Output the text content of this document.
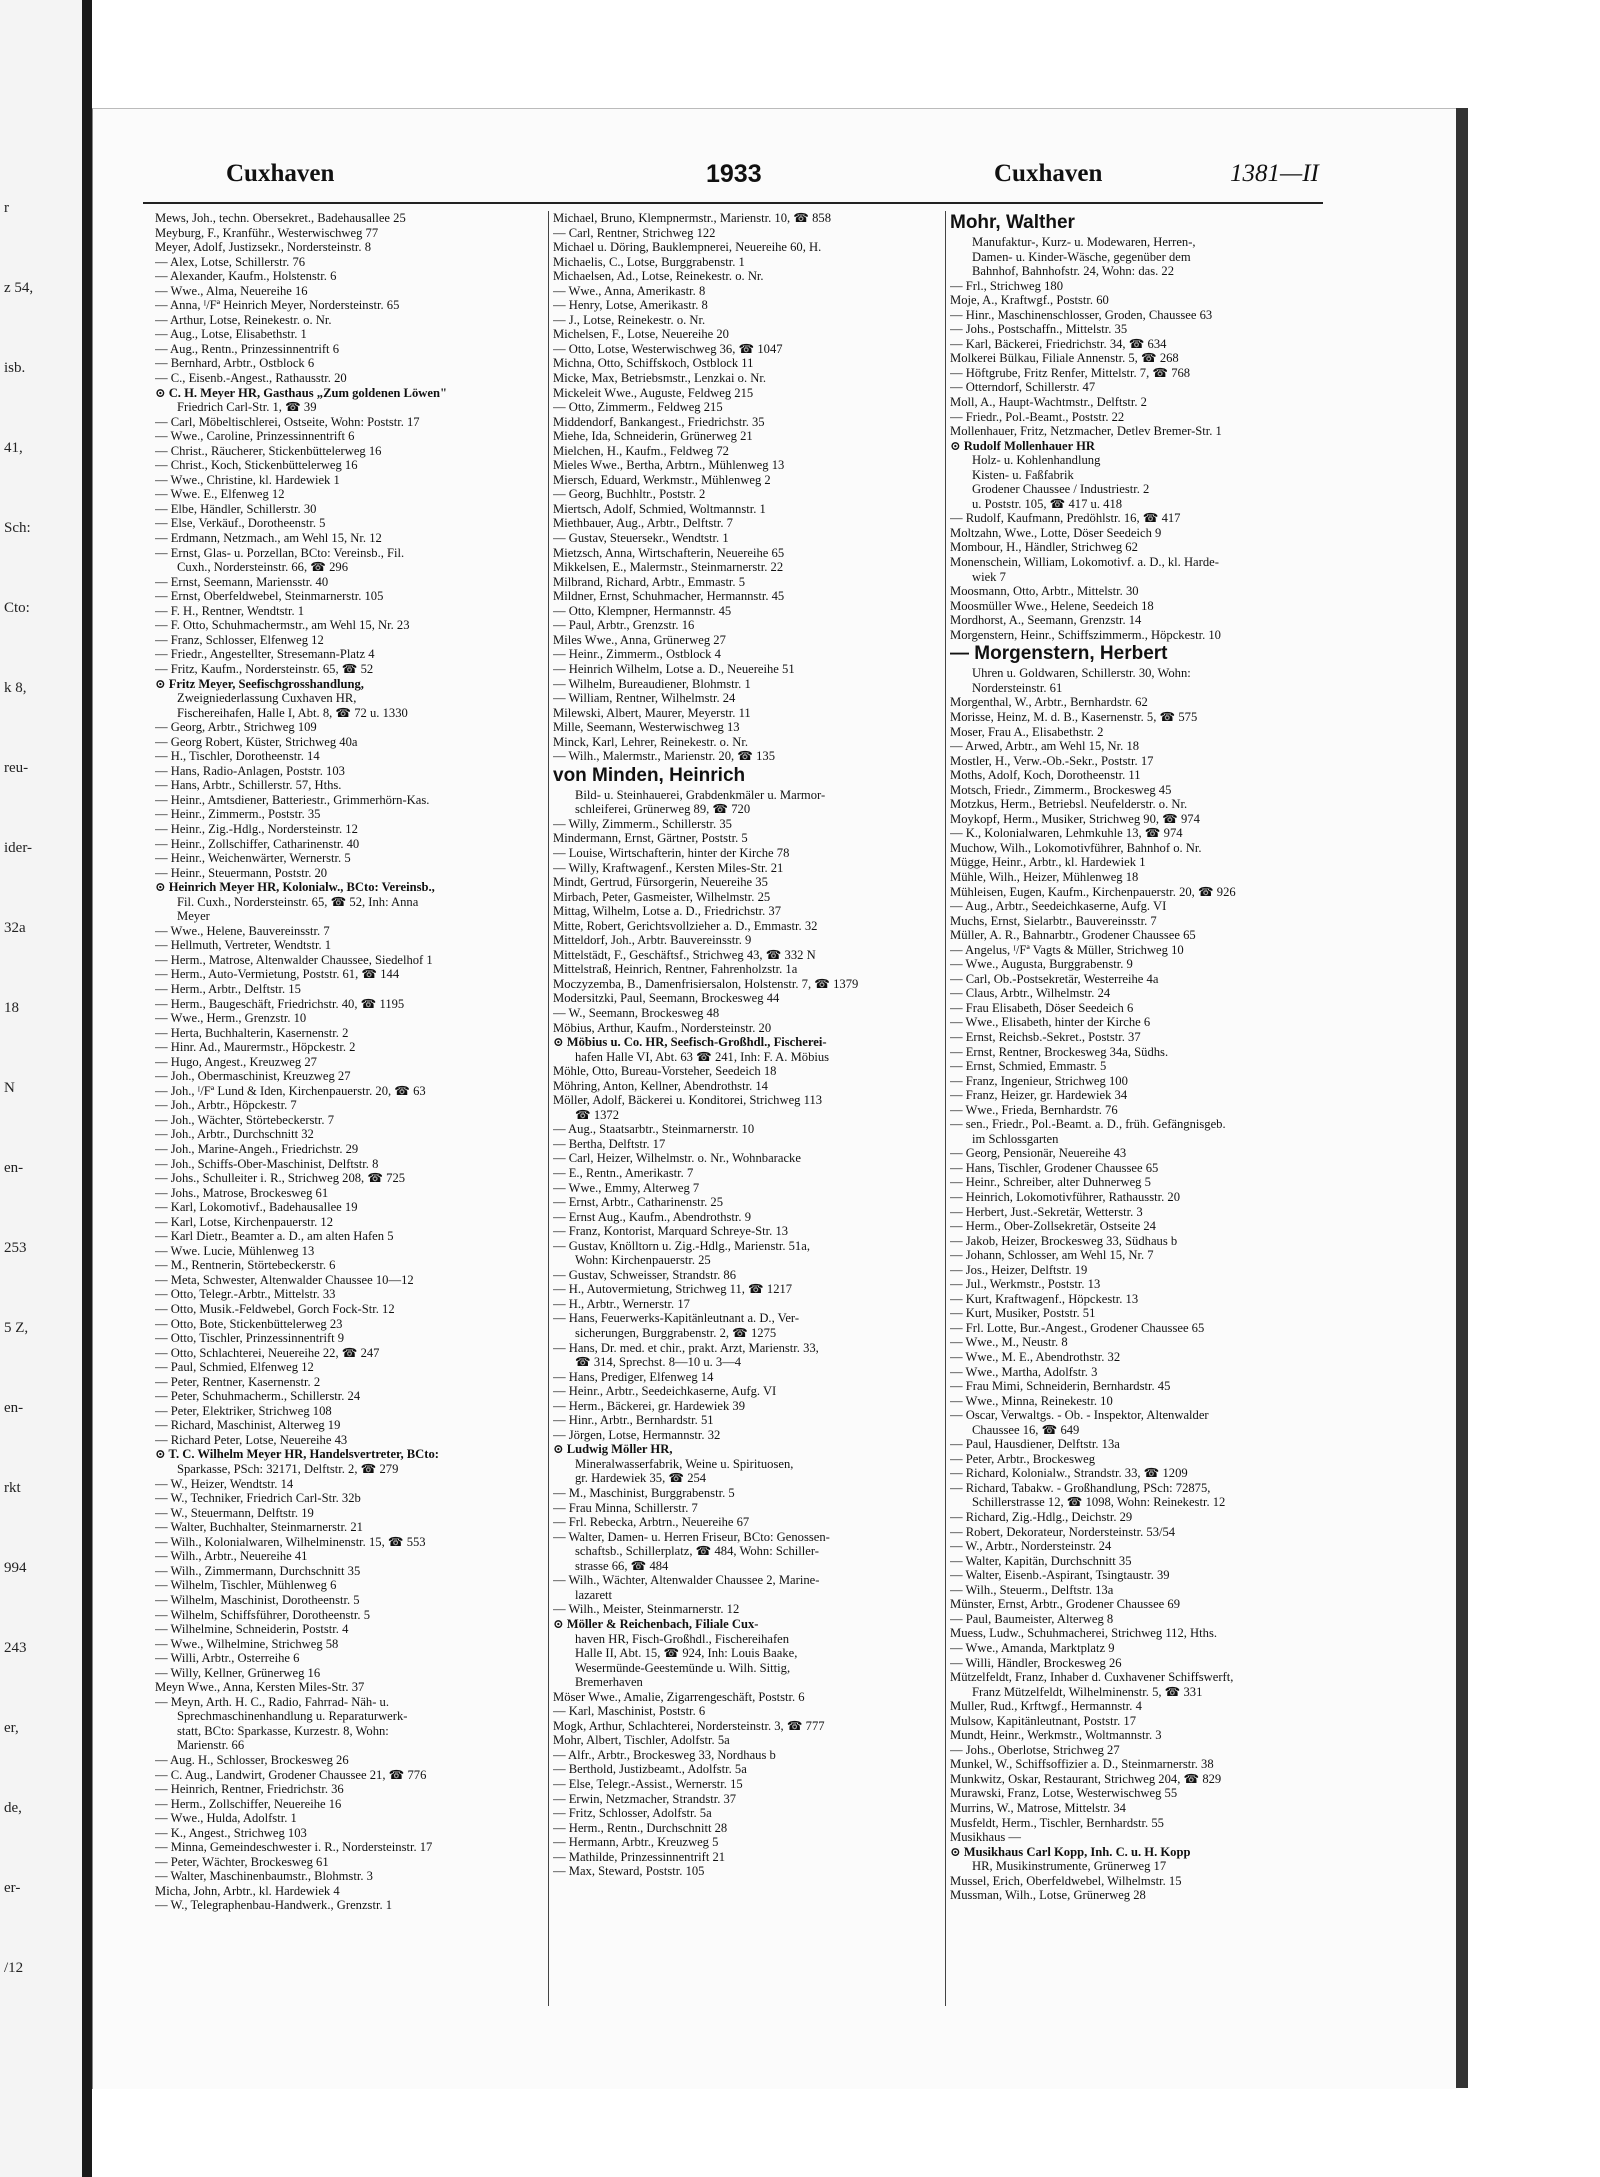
r
z 54,
isb.
41,
Sch:
Cto:
k 8,
reu-
ider-
32a
18
N
en-
253
5 Z,
en-
rkt
994
243
er,
de,
er-
/12
Cuxhaven	1933	Cuxhaven	1381—II
Mews, Joh., techn. Obersekret., Badehausallee 25
Meyburg, F., Kranführ., Westerwischweg 77
Meyer, Adolf, Justizsekr., Nordersteinstr. 8
— Alex, Lotse, Schillerstr. 76
— Alexander, Kaufm., Holstenstr. 6
— Wwe., Alma, Neuereihe 16
— Anna, ᴵ/Fª Heinrich Meyer, Nordersteinstr. 65
— Arthur, Lotse, Reinekestr. o. Nr.
— Aug., Lotse, Elisabethstr. 1
— Aug., Rentn., Prinzessinnentrift 6
— Bernhard, Arbtr., Ostblock 6
— C., Eisenb.-Angest., Rathausstr. 20
⊙ C. H. Meyer HR, Gasthaus „Zum goldenen Löwen"
Friedrich Carl-Str. 1, ☎ 39
— Carl, Möbeltischlerei, Ostseite, Wohn: Poststr. 17
— Wwe., Caroline, Prinzessinnentrift 6
— Christ., Räucherer, Stickenbüttelerweg 16
— Christ., Koch, Stickenbüttelerweg 16
— Wwe., Christine, kl. Hardewiek 1
— Wwe. E., Elfenweg 12
— Elbe, Händler, Schillerstr. 30
— Else, Verkäuf., Dorotheenstr. 5
— Erdmann, Netzmach., am Wehl 15, Nr. 12
— Ernst, Glas- u. Porzellan, BCto: Vereinsb., Fil.
Cuxh., Nordersteinstr. 66, ☎ 296
— Ernst, Seemann, Mariensstr. 40
— Ernst, Oberfeldwebel, Steinmarnerstr. 105
— F. H., Rentner, Wendtstr. 1
— F. Otto, Schuhmachermstr., am Wehl 15, Nr. 23
— Franz, Schlosser, Elfenweg 12
— Friedr., Angestellter, Stresemann-Platz 4
— Fritz, Kaufm., Nordersteinstr. 65, ☎ 52
⊙ Fritz Meyer, Seefischgrosshandlung,
Zweigniederlassung Cuxhaven HR,
Fischereihafen, Halle I, Abt. 8, ☎ 72 u. 1330
— Georg, Arbtr., Strichweg 109
— Georg Robert, Küster, Strichweg 40a
— H., Tischler, Dorotheenstr. 14
— Hans, Radio-Anlagen, Poststr. 103
— Hans, Arbtr., Schillerstr. 57, Hths.
— Heinr., Amtsdiener, Batteriestr., Grimmerhörn-Kas.
— Heinr., Zimmerm., Poststr. 35
— Heinr., Zig.-Hdlg., Nordersteinstr. 12
— Heinr., Zollschiffer, Catharinenstr. 40
— Heinr., Weichenwärter, Wernerstr. 5
— Heinr., Steuermann, Poststr. 20
⊙ Heinrich Meyer HR, Kolonialw., BCto: Vereinsb.,
Fil. Cuxh., Nordersteinstr. 65, ☎ 52, Inh: Anna
Meyer
— Wwe., Helene, Bauvereinsstr. 7
— Hellmuth, Vertreter, Wendtstr. 1
— Herm., Matrose, Altenwalder Chaussee, Siedelhof 1
— Herm., Auto-Vermietung, Poststr. 61, ☎ 144
— Herm., Arbtr., Delftstr. 15
— Herm., Baugeschäft, Friedrichstr. 40, ☎ 1195
— Wwe., Herm., Grenzstr. 10
— Herta, Buchhalterin, Kasernenstr. 2
— Hinr. Ad., Maurermstr., Höpckestr. 2
— Hugo, Angest., Kreuzweg 27
— Joh., Obermaschinist, Kreuzweg 27
— Joh., ᴵ/Fª Lund & Iden, Kirchenpauerstr. 20, ☎ 63
— Joh., Arbtr., Höpckestr. 7
— Joh., Wächter, Störtebeckerstr. 7
— Joh., Arbtr., Durchschnitt 32
— Joh., Marine-Angeh., Friedrichstr. 29
— Joh., Schiffs-Ober-Maschinist, Delftstr. 8
— Johs., Schulleiter i. R., Strichweg 208, ☎ 725
— Johs., Matrose, Brockesweg 61
— Karl, Lokomotivf., Badehausallee 19
— Karl, Lotse, Kirchenpauerstr. 12
— Karl Dietr., Beamter a. D., am alten Hafen 5
— Wwe. Lucie, Mühlenweg 13
— M., Rentnerin, Störtebeckerstr. 6
— Meta, Schwester, Altenwalder Chaussee 10—12
— Otto, Telegr.-Arbtr., Mittelstr. 33
— Otto, Musik.-Feldwebel, Gorch Fock-Str. 12
— Otto, Bote, Stickenbüttelerweg 23
— Otto, Tischler, Prinzessinnentrift 9
— Otto, Schlachterei, Neuereihe 22, ☎ 247
— Paul, Schmied, Elfenweg 12
— Peter, Rentner, Kasernenstr. 2
— Peter, Schuhmacherm., Schillerstr. 24
— Peter, Elektriker, Strichweg 108
— Richard, Maschinist, Alterweg 19
— Richard Peter, Lotse, Neuereihe 43
⊙ T. C. Wilhelm Meyer HR, Handelsvertreter, BCto:
Sparkasse, PSch: 32171, Delftstr. 2, ☎ 279
— W., Heizer, Wendtstr. 14
— W., Techniker, Friedrich Carl-Str. 32b
— W., Steuermann, Delftstr. 19
— Walter, Buchhalter, Steinmarnerstr. 21
— Wilh., Kolonialwaren, Wilhelminenstr. 15, ☎ 553
— Wilh., Arbtr., Neuereihe 41
— Wilh., Zimmermann, Durchschnitt 35
— Wilhelm, Tischler, Mühlenweg 6
— Wilhelm, Maschinist, Dorotheenstr. 5
— Wilhelm, Schiffsführer, Dorotheenstr. 5
— Wilhelmine, Schneiderin, Poststr. 4
— Wwe., Wilhelmine, Strichweg 58
— Willi, Arbtr., Osterreihe 6
— Willy, Kellner, Grünerweg 16
Meyn Wwe., Anna, Kersten Miles-Str. 37
— Meyn, Arth. H. C., Radio, Fahrrad- Näh- u.
Sprechmaschinenhandlung u. Reparaturwerk-
statt, BCto: Sparkasse, Kurzestr. 8, Wohn:
Marienstr. 66
— Aug. H., Schlosser, Brockesweg 26
— C. Aug., Landwirt, Grodener Chaussee 21, ☎ 776
— Heinrich, Rentner, Friedrichstr. 36
— Herm., Zollschiffer, Neuereihe 16
— Wwe., Hulda, Adolfstr. 1
— K., Angest., Strichweg 103
— Minna, Gemeindeschwester i. R., Nordersteinstr. 17
— Peter, Wächter, Brockesweg 61
— Walter, Maschinenbaumstr., Blohmstr. 3
Micha, John, Arbtr., kl. Hardewiek 4
— W., Telegraphenbau-Handwerk., Grenzstr. 1
Michael, Bruno, Klempnermstr., Marienstr. 10, ☎ 858
— Carl, Rentner, Strichweg 122
Michael u. Döring, Bauklempnerei, Neuereihe 60, H.
Michaelis, C., Lotse, Burggrabenstr. 1
Michaelsen, Ad., Lotse, Reinekestr. o. Nr.
— Wwe., Anna, Amerikastr. 8
— Henry, Lotse, Amerikastr. 8
— J., Lotse, Reinekestr. o. Nr.
Michelsen, F., Lotse, Neuereihe 20
— Otto, Lotse, Westerwischweg 36, ☎ 1047
Michna, Otto, Schiffskoch, Ostblock 11
Micke, Max, Betriebsmstr., Lenzkai o. Nr.
Mickeleit Wwe., Auguste, Feldweg 215
— Otto, Zimmerm., Feldweg 215
Middendorf, Bankangest., Friedrichstr. 35
Miehe, Ida, Schneiderin, Grünerweg 21
Mielchen, H., Kaufm., Feldweg 72
Mieles Wwe., Bertha, Arbtrn., Mühlenweg 13
Miersch, Eduard, Werkmstr., Mühlenweg 2
— Georg, Buchhltr., Poststr. 2
Miertsch, Adolf, Schmied, Woltmannstr. 1
Miethbauer, Aug., Arbtr., Delftstr. 7
— Gustav, Steuersekr., Wendtstr. 1
Mietzsch, Anna, Wirtschafterin, Neuereihe 65
Mikkelsen, E., Malermstr., Steinmarnerstr. 22
Milbrand, Richard, Arbtr., Emmastr. 5
Mildner, Ernst, Schuhmacher, Hermannstr. 45
— Otto, Klempner, Hermannstr. 45
— Paul, Arbtr., Grenzstr. 16
Miles Wwe., Anna, Grünerweg 27
— Heinr., Zimmerm., Ostblock 4
— Heinrich Wilhelm, Lotse a. D., Neuereihe 51
— Wilhelm, Bureaudiener, Blohmstr. 1
— William, Rentner, Wilhelmstr. 24
Milewski, Albert, Maurer, Meyerstr. 11
Mille, Seemann, Westerwischweg 13
Minck, Karl, Lehrer, Reinekestr. o. Nr.
— Wilh., Malermstr., Marienstr. 20, ☎ 135
von Minden, Heinrich
Bild- u. Steinhauerei, Grabdenkmäler u. Marmor-
schleiferei, Grünerweg 89, ☎ 720
— Willy, Zimmerm., Schillerstr. 35
Mindermann, Ernst, Gärtner, Poststr. 5
— Louise, Wirtschafterin, hinter der Kirche 78
— Willy, Kraftwagenf., Kersten Miles-Str. 21
Mindt, Gertrud, Fürsorgerin, Neuereihe 35
Mirbach, Peter, Gasmeister, Wilhelmstr. 25
Mittag, Wilhelm, Lotse a. D., Friedrichstr. 37
Mitte, Robert, Gerichtsvollzieher a. D., Emmastr. 32
Mitteldorf, Joh., Arbtr. Bauvereinsstr. 9
Mittelstädt, F., Geschäftsf., Strichweg 43, ☎ 332 N
Mittelstraß, Heinrich, Rentner, Fahrenholzstr. 1a
Moczyzemba, B., Damenfrisiersalon, Holstenstr. 7, ☎ 1379
Modersitzki, Paul, Seemann, Brockesweg 44
— W., Seemann, Brockesweg 48
Möbius, Arthur, Kaufm., Nordersteinstr. 20
⊙ Möbius u. Co. HR, Seefisch-Großhdl., Fischerei-
hafen Halle VI, Abt. 63 ☎ 241, Inh: F. A. Möbius
Möhle, Otto, Bureau-Vorsteher, Seedeich 18
Möhring, Anton, Kellner, Abendrothstr. 14
Möller, Adolf, Bäckerei u. Konditorei, Strichweg 113
☎ 1372
— Aug., Staatsarbtr., Steinmarnerstr. 10
— Bertha, Delftstr. 17
— Carl, Heizer, Wilhelmstr. o. Nr., Wohnbaracke
— E., Rentn., Amerikastr. 7
— Wwe., Emmy, Alterweg 7
— Ernst, Arbtr., Catharinenstr. 25
— Ernst Aug., Kaufm., Abendrothstr. 9
— Franz, Kontorist, Marquard Schreye-Str. 13
— Gustav, Knölltorn u. Zig.-Hdlg., Marienstr. 51a,
Wohn: Kirchenpauerstr. 25
— Gustav, Schweisser, Strandstr. 86
— H., Autovermietung, Strichweg 11, ☎ 1217
— H., Arbtr., Wernerstr. 17
— Hans, Feuerwerks-Kapitänleutnant a. D., Ver-
sicherungen, Burggrabenstr. 2, ☎ 1275
— Hans, Dr. med. et chir., prakt. Arzt, Marienstr. 33,
☎ 314, Sprechst. 8—10 u. 3—4
— Hans, Prediger, Elfenweg 14
— Heinr., Arbtr., Seedeichkaserne, Aufg. VI
— Herm., Bäckerei, gr. Hardewiek 39
— Hinr., Arbtr., Bernhardstr. 51
— Jörgen, Lotse, Hermannstr. 32
⊙ Ludwig Möller HR,
Mineralwasserfabrik, Weine u. Spirituosen,
gr. Hardewiek 35, ☎ 254
— M., Maschinist, Burggrabenstr. 5
— Frau Minna, Schillerstr. 7
— Frl. Rebecka, Arbtrn., Neuereihe 67
— Walter, Damen- u. Herren Friseur, BCto: Genossen-
schaftsb., Schillerplatz, ☎ 484, Wohn: Schiller-
strasse 66, ☎ 484
— Wilh., Wächter, Altenwalder Chaussee 2, Marine-
lazarett
— Wilh., Meister, Steinmarnerstr. 12
⊙ Möller & Reichenbach, Filiale Cux-
haven HR, Fisch-Großhdl., Fischereihafen
Halle II, Abt. 15, ☎ 924, Inh: Louis Baake,
Wesermünde-Geestemünde u. Wilh. Sittig,
Bremerhaven
Möser Wwe., Amalie, Zigarrengeschäft, Poststr. 6
— Karl, Maschinist, Poststr. 6
Mogk, Arthur, Schlachterei, Nordersteinstr. 3, ☎ 777
Mohr, Albert, Tischler, Adolfstr. 5a
— Alfr., Arbtr., Brockesweg 33, Nordhaus b
— Berthold, Justizbeamt., Adolfstr. 5a
— Else, Telegr.-Assist., Wernerstr. 15
— Erwin, Netzmacher, Strandstr. 37
— Fritz, Schlosser, Adolfstr. 5a
— Herm., Rentn., Durchschnitt 28
— Hermann, Arbtr., Kreuzweg 5
— Mathilde, Prinzessinnentrift 21
— Max, Steward, Poststr. 105
Mohr, Walther
Manufaktur-, Kurz- u. Modewaren, Herren-,
Damen- u. Kinder-Wäsche, gegenüber dem
Bahnhof, Bahnhofstr. 24, Wohn: das. 22
— Frl., Strichweg 180
Moje, A., Kraftwgf., Poststr. 60
— Hinr., Maschinenschlosser, Groden, Chaussee 63
— Johs., Postschaffn., Mittelstr. 35
— Karl, Bäckerei, Friedrichstr. 34, ☎ 634
Molkerei Bülkau, Filiale Annenstr. 5, ☎ 268
— Höftgrube, Fritz Renfer, Mittelstr. 7, ☎ 768
— Otterndorf, Schillerstr. 47
Moll, A., Haupt-Wachtmstr., Delftstr. 2
— Friedr., Pol.-Beamt., Poststr. 22
Mollenhauer, Fritz, Netzmacher, Detlev Bremer-Str. 1
⊙ Rudolf Mollenhauer HR
Holz- u. Kohlenhandlung
Kisten- u. Faßfabrik
Grodener Chaussee / Industriestr. 2
u. Poststr. 105, ☎ 417 u. 418
— Rudolf, Kaufmann, Predöhlstr. 16, ☎ 417
Moltzahn, Wwe., Lotte, Döser Seedeich 9
Mombour, H., Händler, Strichweg 62
Monenschein, William, Lokomotivf. a. D., kl. Harde-
wiek 7
Moosmann, Otto, Arbtr., Mittelstr. 30
Moosmüller Wwe., Helene, Seedeich 18
Mordhorst, A., Seemann, Grenzstr. 14
Morgenstern, Heinr., Schiffszimmerm., Höpckestr. 10
— Morgenstern, Herbert
Uhren u. Goldwaren, Schillerstr. 30, Wohn:
Nordersteinstr. 61
Morgenthal, W., Arbtr., Bernhardstr. 62
Morisse, Heinz, M. d. B., Kasernenstr. 5, ☎ 575
Moser, Frau A., Elisabethstr. 2
— Arwed, Arbtr., am Wehl 15, Nr. 18
Mostler, H., Verw.-Ob.-Sekr., Poststr. 17
Moths, Adolf, Koch, Dorotheenstr. 11
Motsch, Friedr., Zimmerm., Brockesweg 45
Motzkus, Herm., Betriebsl. Neufelderstr. o. Nr.
Moykopf, Herm., Musiker, Strichweg 90, ☎ 974
— K., Kolonialwaren, Lehmkuhle 13, ☎ 974
Muchow, Wilh., Lokomotivführer, Bahnhof o. Nr.
Mügge, Heinr., Arbtr., kl. Hardewiek 1
Mühle, Wilh., Heizer, Mühlenweg 18
Mühleisen, Eugen, Kaufm., Kirchenpauerstr. 20, ☎ 926
— Aug., Arbtr., Seedeichkaserne, Aufg. VI
Muchs, Ernst, Sielarbtr., Bauvereinsstr. 7
Müller, A. R., Bahnarbtr., Grodener Chaussee 65
— Angelus, ᴵ/Fª Vagts & Müller, Strichweg 10
— Wwe., Augusta, Burggrabenstr. 9
— Carl, Ob.-Postsekretär, Westerreihe 4a
— Claus, Arbtr., Wilhelmstr. 24
— Frau Elisabeth, Döser Seedeich 6
— Wwe., Elisabeth, hinter der Kirche 6
— Ernst, Reichsb.-Sekret., Poststr. 37
— Ernst, Rentner, Brockesweg 34a, Südhs.
— Ernst, Schmied, Emmastr. 5
— Franz, Ingenieur, Strichweg 100
— Franz, Heizer, gr. Hardewiek 34
— Wwe., Frieda, Bernhardstr. 76
— sen., Friedr., Pol.-Beamt. a. D., früh. Gefängnisgeb.
im Schlossgarten
— Georg, Pensionär, Neuereihe 43
— Hans, Tischler, Grodener Chaussee 65
— Heinr., Schreiber, alter Duhnerweg 5
— Heinrich, Lokomotivführer, Rathausstr. 20
— Herbert, Just.-Sekretär, Wetterstr. 3
— Herm., Ober-Zollsekretär, Ostseite 24
— Jakob, Heizer, Brockesweg 33, Südhaus b
— Johann, Schlosser, am Wehl 15, Nr. 7
— Jos., Heizer, Delftstr. 19
— Jul., Werkmstr., Poststr. 13
— Kurt, Kraftwagenf., Höpckestr. 13
— Kurt, Musiker, Poststr. 51
— Frl. Lotte, Bur.-Angest., Grodener Chaussee 65
— Wwe., M., Neustr. 8
— Wwe., M. E., Abendrothstr. 32
— Wwe., Martha, Adolfstr. 3
— Frau Mimi, Schneiderin, Bernhardstr. 45
— Wwe., Minna, Reinekestr. 10
— Oscar, Verwaltgs. - Ob. - Inspektor, Altenwalder
Chaussee 16, ☎ 649
— Paul, Hausdiener, Delftstr. 13a
— Peter, Arbtr., Brockesweg
— Richard, Kolonialw., Strandstr. 33, ☎ 1209
— Richard, Tabakw. - Großhandlung, PSch: 72875,
Schillerstrasse 12, ☎ 1098, Wohn: Reinekestr. 12
— Richard, Zig.-Hdlg., Deichstr. 29
— Robert, Dekorateur, Nordersteinstr. 53/54
— W., Arbtr., Nordersteinstr. 24
— Walter, Kapitän, Durchschnitt 35
— Walter, Eisenb.-Aspirant, Tsingtaustr. 39
— Wilh., Steuerm., Delftstr. 13a
Münster, Ernst, Arbtr., Grodener Chaussee 69
— Paul, Baumeister, Alterweg 8
Muess, Ludw., Schuhmacherei, Strichweg 112, Hths.
— Wwe., Amanda, Marktplatz 9
— Willi, Händler, Brockesweg 26
Mützelfeldt, Franz, Inhaber d. Cuxhavener Schiffswerft,
Franz Mützelfeldt, Wilhelminenstr. 5, ☎ 331
Muller, Rud., Krftwgf., Hermannstr. 4
Mulsow, Kapitänleutnant, Poststr. 17
Mundt, Heinr., Werkmstr., Woltmannstr. 3
— Johs., Oberlotse, Strichweg 27
Munkel, W., Schiffsoffizier a. D., Steinmarnerstr. 38
Munkwitz, Oskar, Restaurant, Strichweg 204, ☎ 829
Murawski, Franz, Lotse, Westerwischweg 55
Murrins, W., Matrose, Mittelstr. 34
Musfeldt, Herm., Tischler, Bernhardstr. 55
Musikhaus —
⊙ Musikhaus Carl Kopp, Inh. C. u. H. Kopp
HR, Musikinstrumente, Grünerweg 17
Mussel, Erich, Oberfeldwebel, Wilhelmstr. 15
Mussman, Wilh., Lotse, Grünerweg 28
